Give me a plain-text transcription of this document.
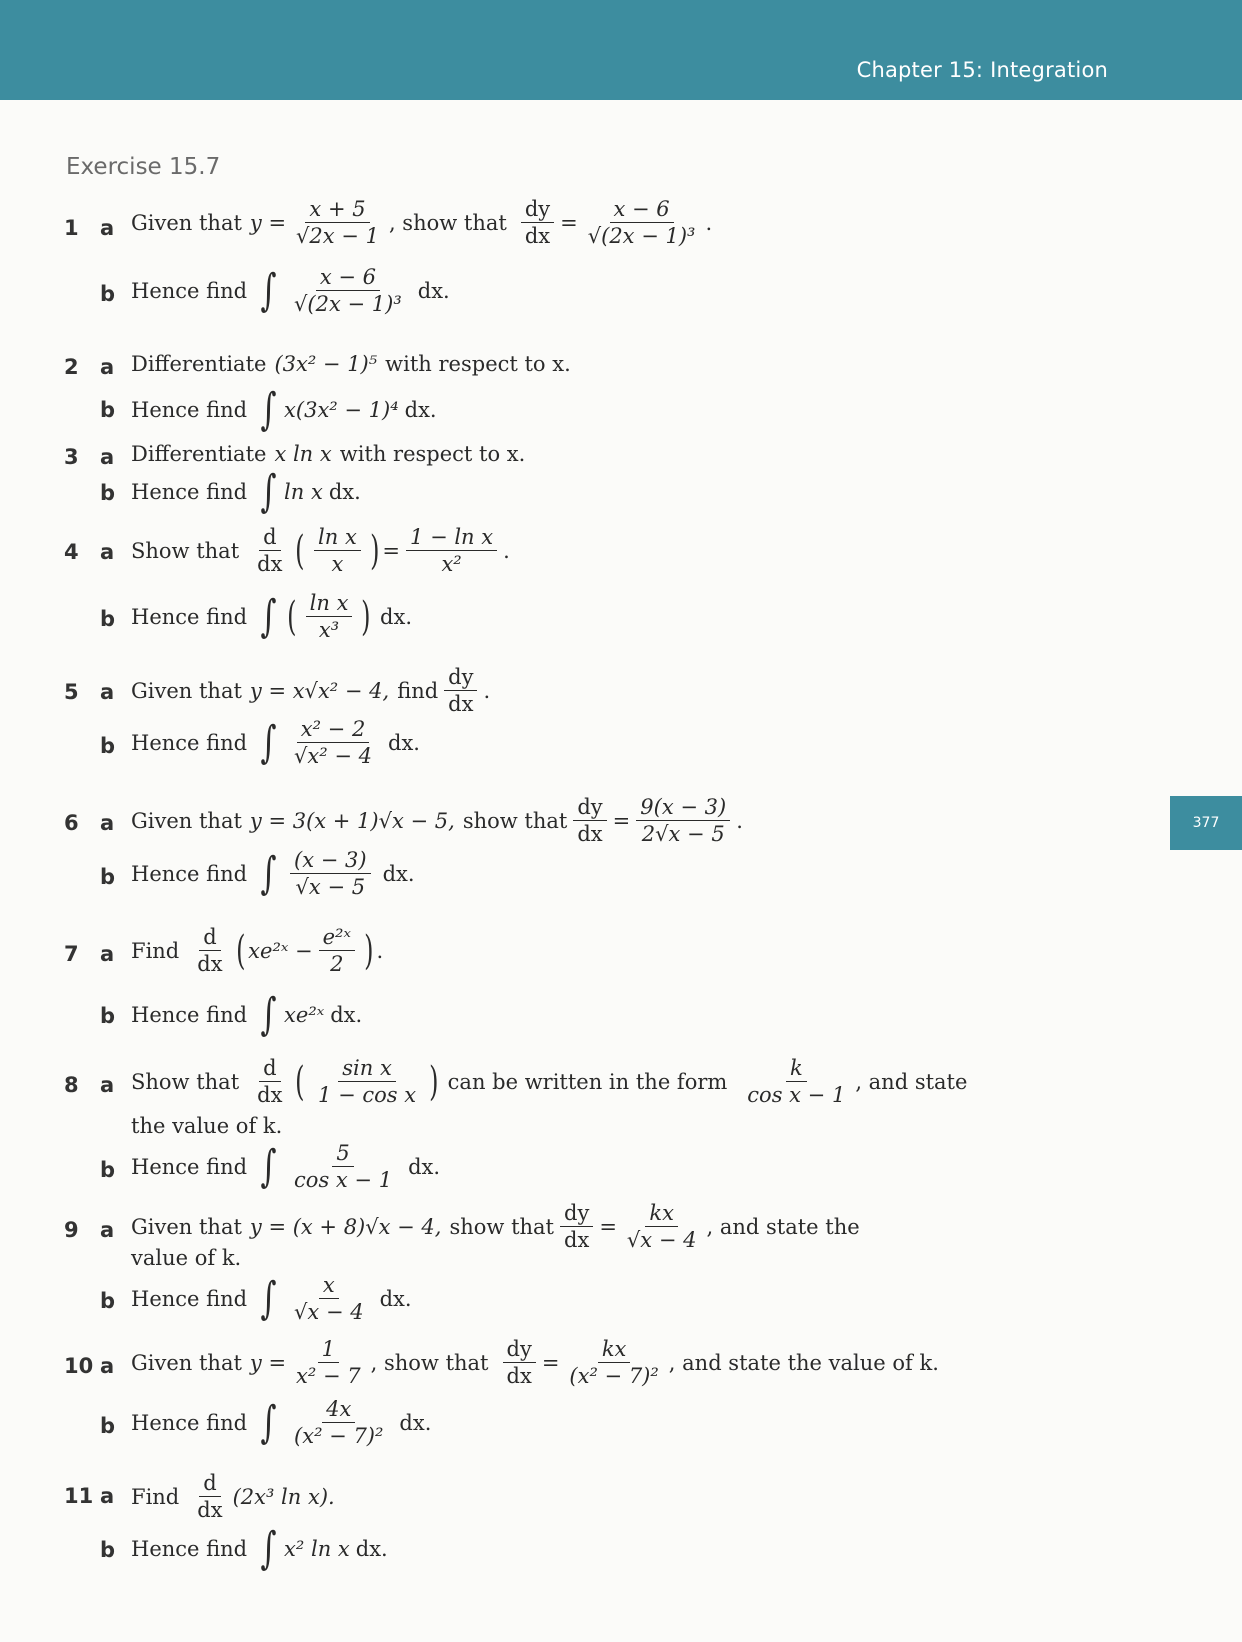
Chapter 15: Integration
377
Exercise 15.7
1 a Given that $y = \frac{x + 5}{√2x - 1}$ , show that $\frac{dy}{dx} = \frac{x - 6}{\text{√(2x − 1)³}}$ .
b Hence find ∫ $\frac{x - 6}{\text{√(2x − 1)³}}$ dx.
2 a Differentiate (3x² − 1)⁵ with respect to x.
b Hence find ∫ x(3x² − 1)⁴ dx.
3 a Differentiate x ln x with respect to x.
b Hence find ∫ ln x dx.
4 a Show that $\frac{d}{dx}$ ( $\frac{\text{ln x}}{x}$ ) = $\frac{\text{1 − ln x}}{\text{x²}}$ .
b Hence find ∫ ( $\frac{\text{ln x}}{\text{x³}}$ ) dx.
5 a Given that y = x√x² − 4, find $\frac{dy}{dx}$ .
b Hence find ∫ $\frac{\text{x² − 2}}{\text{√x² − 4}}$ dx.
6 a Given that y = 3(x + 1)√x − 5, show that $\frac{dy}{dx} = \frac{9(x - 3)}{2√x - 5}$ .
b Hence find ∫ $\frac{(x - 3)}{√x - 5}$ dx.
7 a Find $\frac{d}{dx}$ ( xe²ˣ − $\frac{\text{e²ˣ}}{2}$ ) .
b Hence find ∫ xe²ˣ dx.
8 a Show that $\frac{d}{dx}$ ( $\frac{\text{sin x}}{\text{1 − cos x}}$ ) can be written in the form $\frac{k}{\text{cos x − 1}}$ , and state
the value of k.
b Hence find ∫ $\frac{5}{\text{cos x − 1}}$ dx.
9 a Given that y = (x + 8)√x − 4, show that $\frac{dy}{dx} = \frac{kx}{√x - 4}$ , and state the
value of k.
b Hence find ∫ $\frac{x}{√x - 4}$ dx.
10 a Given that $y = \frac{1}{\text{x² − 7}}$ , show that $\frac{dy}{dx} = \frac{kx}{\text{(x² − 7)²}}$ , and state the value of k.
b Hence find ∫ $\frac{4x}{\text{(x² − 7)²}}$ dx.
11 a Find $\frac{d}{dx} (2x^3$ ln x).
b Hence find ∫ x² ln x dx.
